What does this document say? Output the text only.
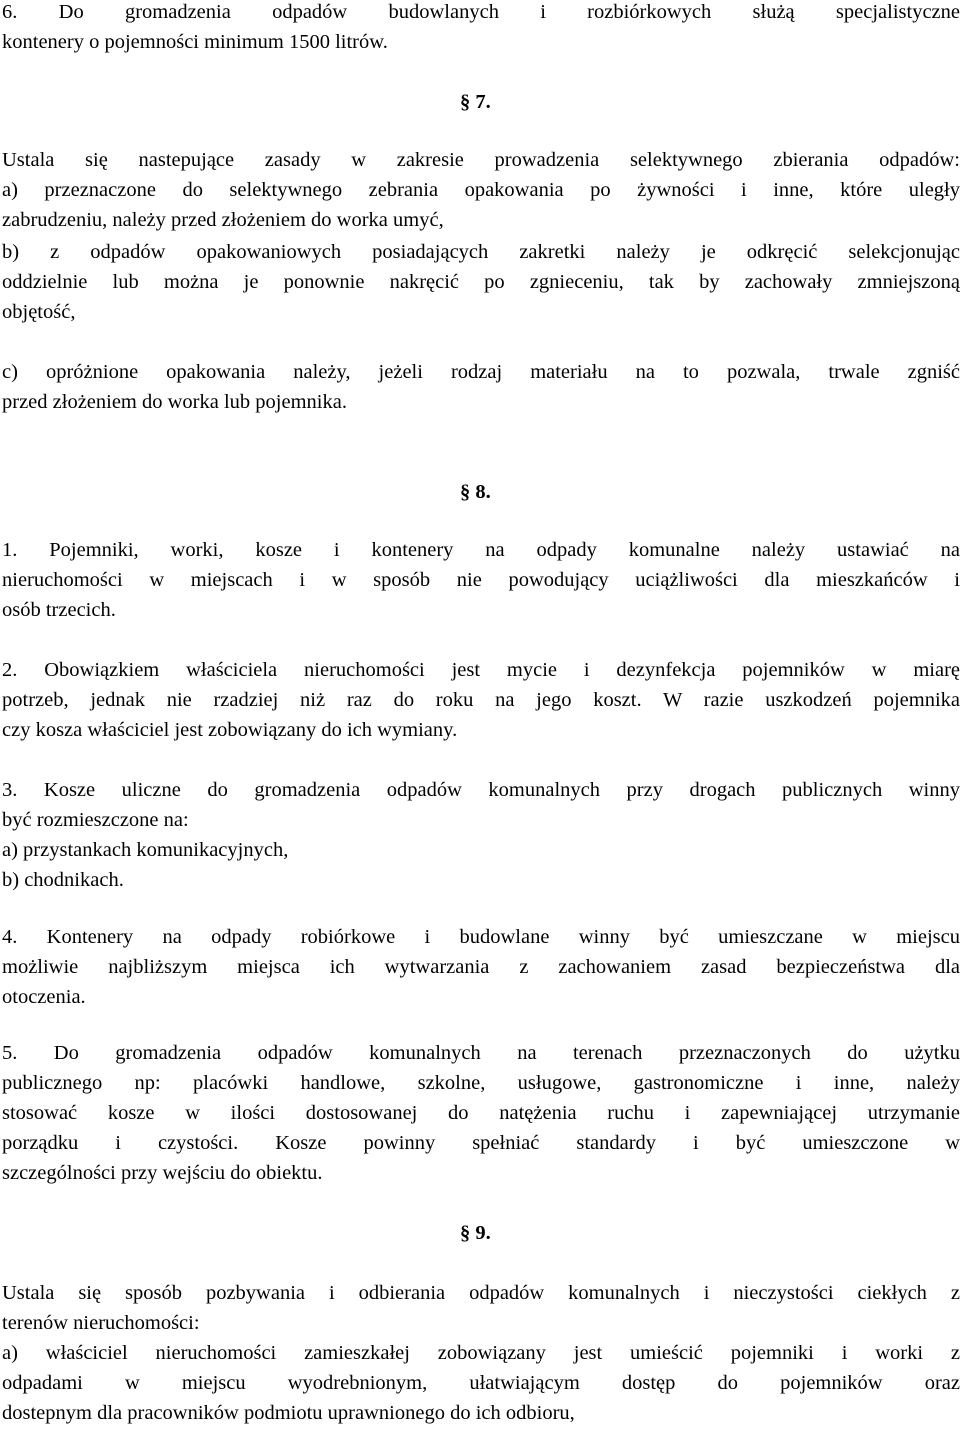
6. Do gromadzenia odpadów budowlanych i rozbiórkowych służą specjalistyczne
kontenery o pojemności minimum 1500 litrów.
§ 7.
Ustala się nastepujące zasady w zakresie prowadzenia selektywnego zbierania odpadów:
a) przeznaczone do selektywnego zebrania opakowania po żywności i inne, które uległy
zabrudzeniu, należy przed złożeniem do worka umyć,
b) z odpadów opakowaniowych posiadających zakretki należy je odkręcić selekcjonując
oddzielnie lub można je ponownie nakręcić po zgnieceniu, tak by zachowały zmniejszoną
objętość,
c) opróżnione opakowania należy, jeżeli rodzaj materiału na to pozwala, trwale zgniść
przed złożeniem do worka lub pojemnika.
§ 8.
1. Pojemniki, worki, kosze i kontenery na odpady komunalne należy ustawiać na
nieruchomości w miejscach i w sposób nie powodujący uciążliwości dla mieszkańców i
osób trzecich.
2. Obowiązkiem właściciela nieruchomości jest mycie i dezynfekcja pojemników w miarę
potrzeb, jednak nie rzadziej niż raz do roku na jego koszt. W razie uszkodzeń pojemnika
czy kosza właściciel jest zobowiązany do ich wymiany.
3. Kosze uliczne do gromadzenia odpadów komunalnych przy drogach publicznych winny
być rozmieszczone na:
a) przystankach komunikacyjnych,
b) chodnikach.
4. Kontenery na odpady robiórkowe i budowlane winny być umieszczane w miejscu
możliwie najbliższym miejsca ich wytwarzania z zachowaniem zasad bezpieczeństwa dla
otoczenia.
5. Do gromadzenia odpadów komunalnych na terenach przeznaczonych do użytku
publicznego np: placówki handlowe, szkolne, usługowe, gastronomiczne i inne, należy
stosować kosze w ilości dostosowanej do natężenia ruchu i zapewniającej utrzymanie
porządku i czystości. Kosze powinny spełniać standardy i być umieszczone w
szczególności przy wejściu do obiektu.
§ 9.
Ustala się sposób pozbywania i odbierania odpadów komunalnych i nieczystości ciekłych z
terenów nieruchomości:
a) właściciel nieruchomości zamieszkałej zobowiązany jest umieścić pojemniki i worki z
odpadami w miejscu wyodrebnionym, ułatwiającym dostęp do pojemników oraz
dostepnym dla pracowników podmiotu uprawnionego do ich odbioru,
